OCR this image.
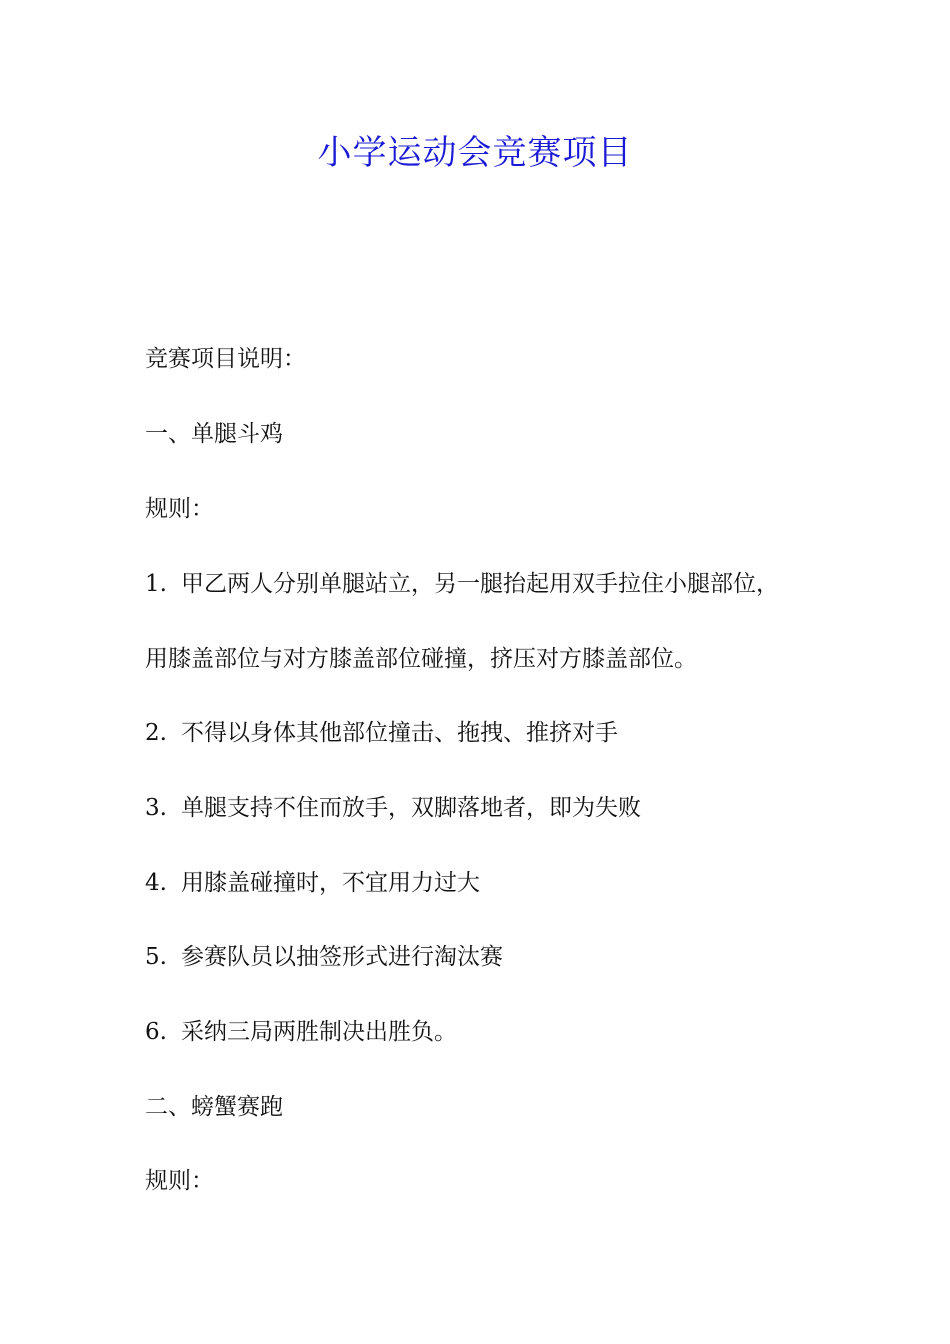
小学运动会竞赛项目
竞赛项目说明：
一、单腿斗鸡
规则：
1. 甲乙两人分别单腿站立，另一腿抬起用双手拉住小腿部位，
用膝盖部位与对方膝盖部位碰撞，挤压对方膝盖部位。
2. 不得以身体其他部位撞击、拖拽、推挤对手
3. 单腿支持不住而放手，双脚落地者，即为失败
4. 用膝盖碰撞时，不宜用力过大
5. 参赛队员以抽签形式进行淘汰赛
6. 采纳三局两胜制决出胜负。
二、螃蟹赛跑
规则：
